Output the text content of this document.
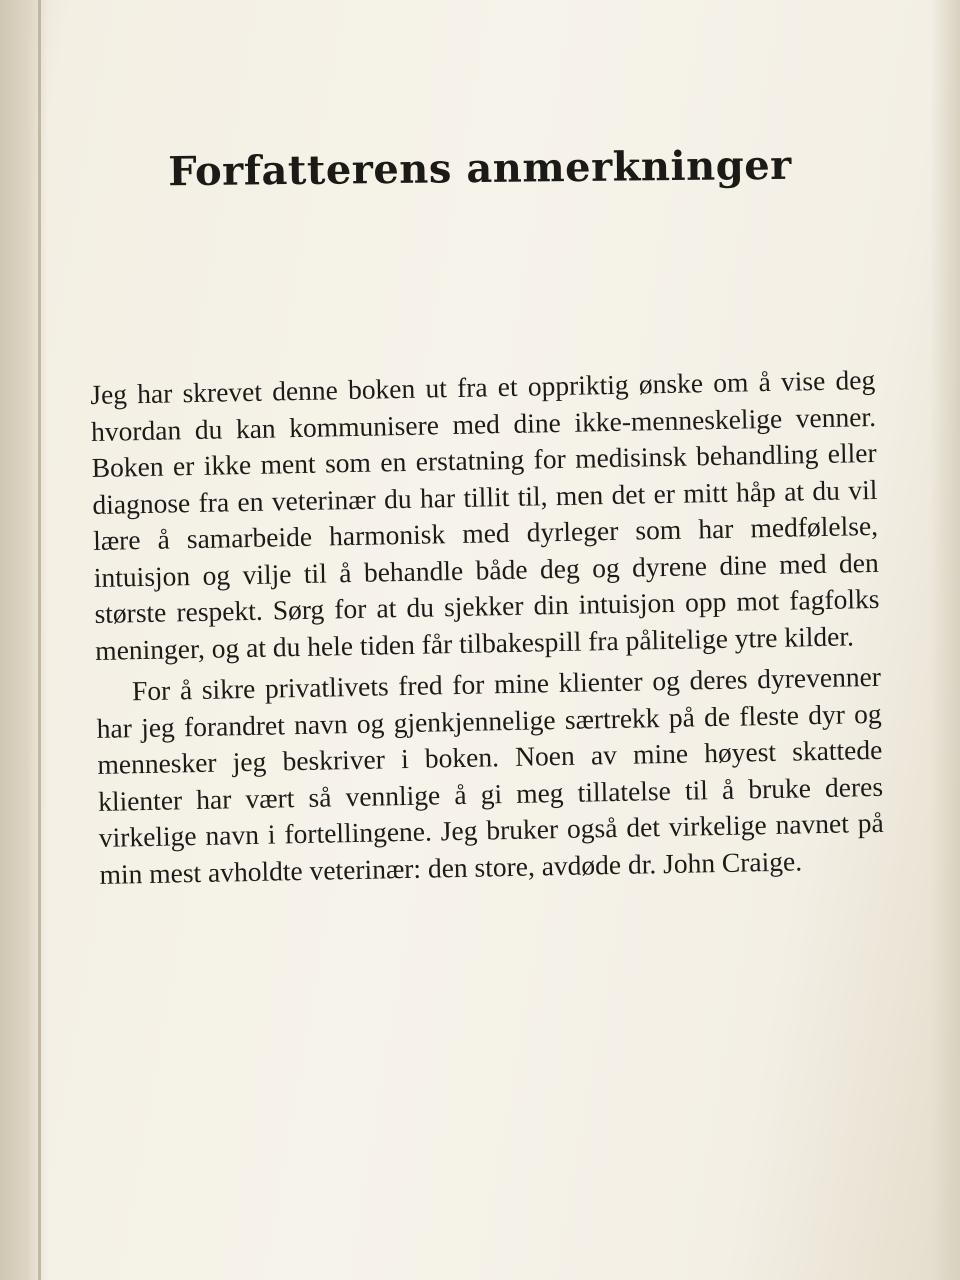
Forfatterens anmerkninger

Jeg har skrevet denne boken ut fra et oppriktig ønske om å vise deg hvordan du kan kommunisere med dine ikke-menneskelige venner. Boken er ikke ment som en erstatning for medisinsk behandling eller diagnose fra en veterinær du har tillit til, men det er mitt håp at du vil lære å samarbeide harmonisk med dyrleger som har medfølelse, intuisjon og vilje til å behandle både deg og dyrene dine med den største respekt. Sørg for at du sjekker din intuisjon opp mot fagfolks meninger, og at du hele tiden får tilbakespill fra pålitelige ytre kilder.

For å sikre privatlivets fred for mine klienter og deres dyrevenner har jeg forandret navn og gjenkjennelige særtrekk på de fleste dyr og mennesker jeg beskriver i boken. Noen av mine høyest skattede klienter har vært så vennlige å gi meg tillatelse til å bruke deres virkelige navn i fortellingene. Jeg bruker også det virkelige navnet på min mest avholdte veterinær: den store, avdøde dr. John Craige.
